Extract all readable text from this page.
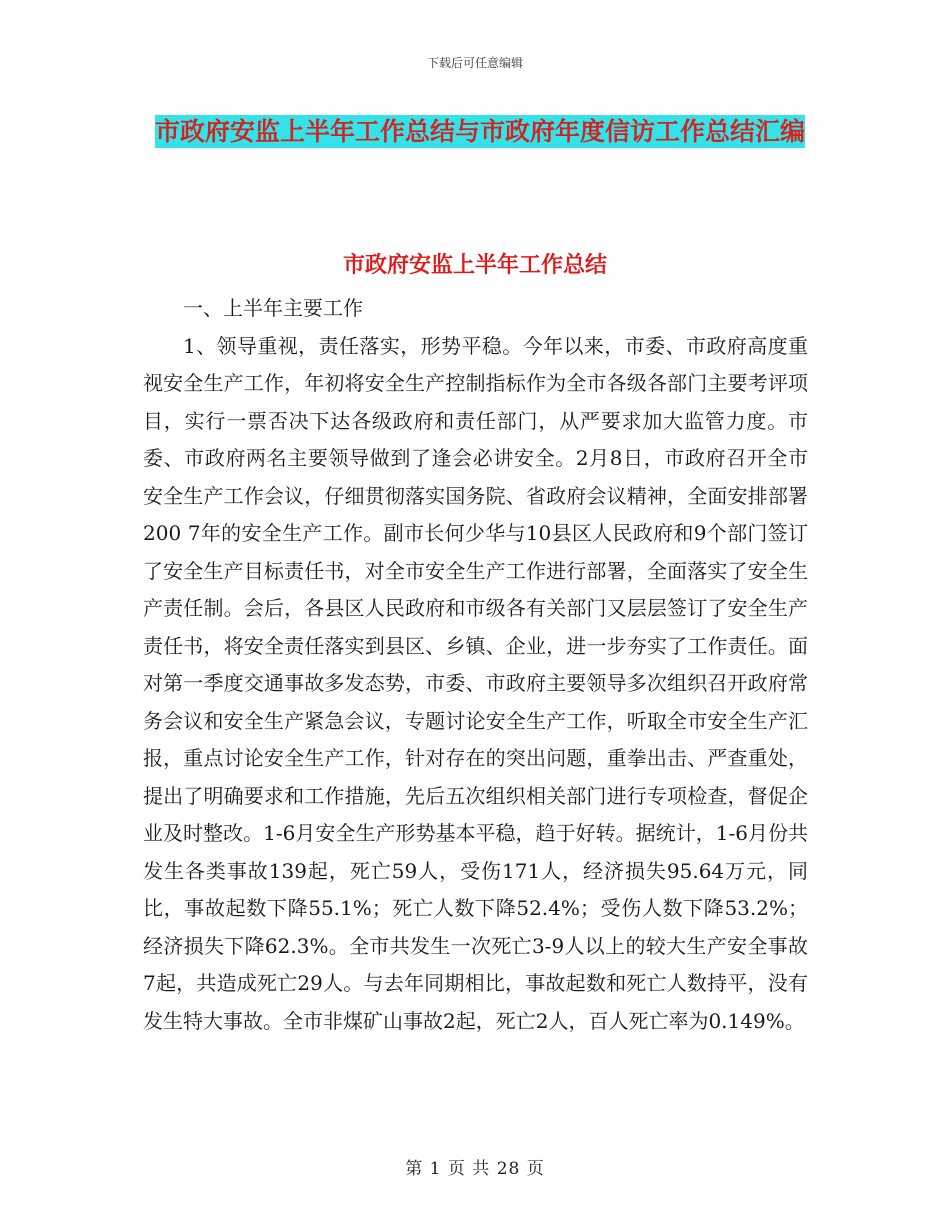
下载后可任意编辑
市政府安监上半年工作总结与市政府年度信访工作总结汇编
市政府安监上半年工作总结

一、上半年主要工作

1、领导重视，责任落实，形势平稳。今年以来，市委、市政府高度重视安全生产工作，年初将安全生产控制指标作为全市各级各部门主要考评项目，实行一票否决下达各级政府和责任部门，从严要求加大监管力度。市委、市政府两名主要领导做到了逢会必讲安全。2月8日，市政府召开全市安全生产工作会议，仔细贯彻落实国务院、省政府会议精神，全面安排部署200 7年的安全生产工作。副市长何少华与10县区人民政府和9个部门签订了安全生产目标责任书，对全市安全生产工作进行部署，全面落实了安全生产责任制。会后，各县区人民政府和市级各有关部门又层层签订了安全生产责任书，将安全责任落实到县区、乡镇、企业，进一步夯实了工作责任。面对第一季度交通事故多发态势，市委、市政府主要领导多次组织召开政府常务会议和安全生产紧急会议，专题讨论安全生产工作，听取全市安全生产汇报，重点讨论安全生产工作，针对存在的突出问题，重拳出击、严查重处，提出了明确要求和工作措施，先后五次组织相关部门进行专项检查，督促企业及时整改。1-6月安全生产形势基本平稳，趋于好转。据统计，1-6月份共发生各类事故139起，死亡59人，受伤171人，经济损失95.64万元，同比，事故起数下降55.1%；死亡人数下降52.4%；受伤人数下降53.2%；经济损失下降62.3%。全市共发生一次死亡3-9人以上的较大生产安全事故7起，共造成死亡29人。与去年同期相比，事故起数和死亡人数持平，没有发生特大事故。全市非煤矿山事故2起，死亡2人，百人死亡率为0.149%。

第 1 页 共 28 页
